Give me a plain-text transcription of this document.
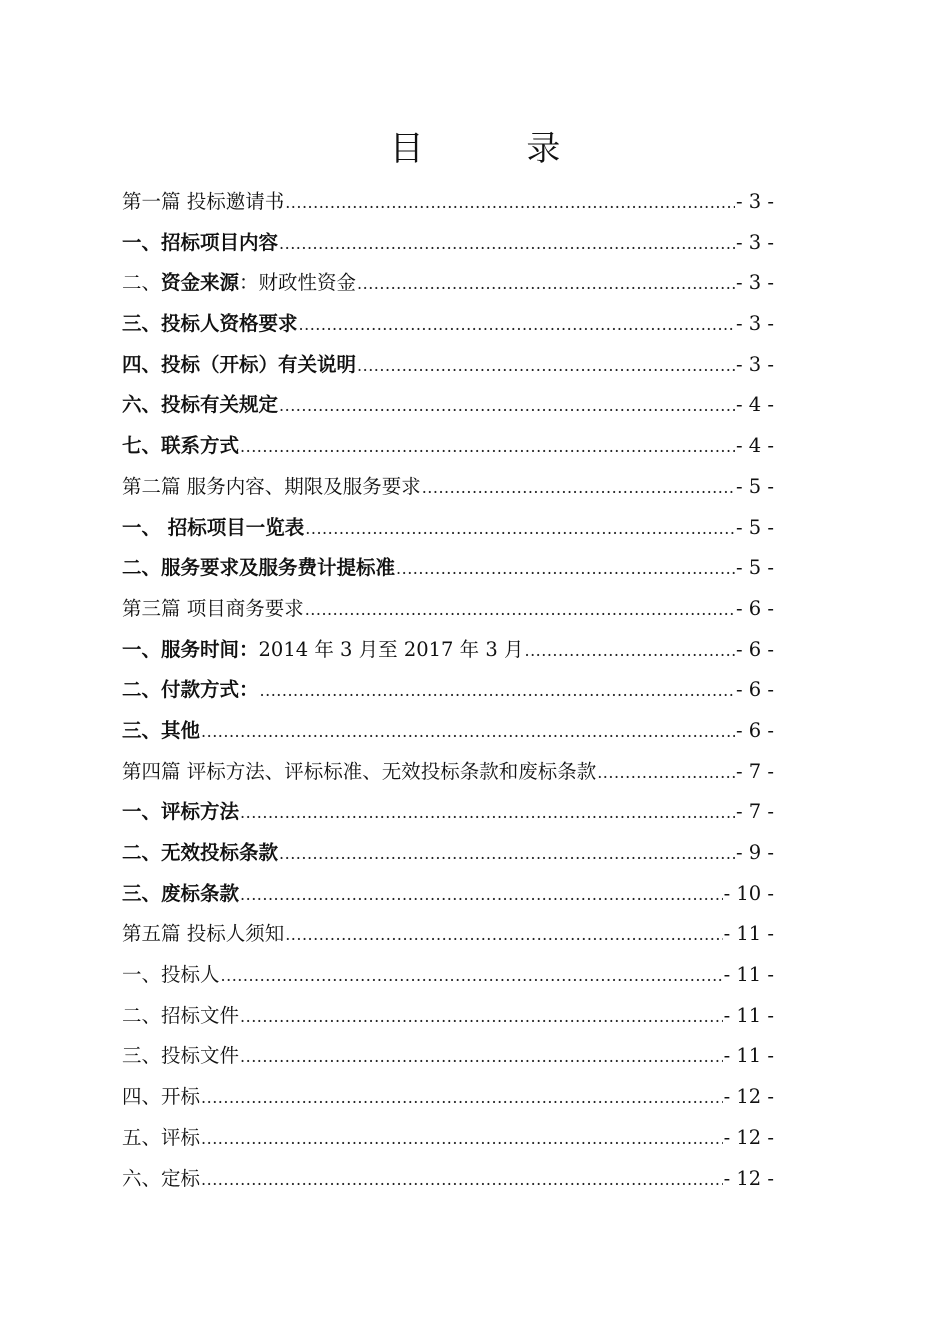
目 录
第一篇 投标邀请书 .....	- 3 -
一、招标项目内容 .....	- 3 -
二、资金来源：财政性资金 .....	- 3 -
三、投标人资格要求 .....	- 3 -
四、投标（开标）有关说明 .....	- 3 -
六、投标有关规定 .....	- 4 -
七、联系方式 .....	- 4 -
第二篇 服务内容、期限及服务要求 .....	- 5 -
一、 招标项目一览表 .....	- 5 -
二、服务要求及服务费计提标准 .....	- 5 -
第三篇 项目商务要求 .....	- 6 -
一、服务时间：2014 年 3 月至 2017 年 3 月 .....	- 6 -
二、付款方式： .....	- 6 -
三、其他 .....	- 6 -
第四篇 评标方法、评标标准、无效投标条款和废标条款 .....	- 7 -
一、评标方法 .....	- 7 -
二、无效投标条款 .....	- 9 -
三、废标条款 .....	- 10 -
第五篇 投标人须知 .....	- 11 -
一、投标人 .....	- 11 -
二、招标文件 .....	- 11 -
三、投标文件 .....	- 11 -
四、开标 .....	- 12 -
五、评标 .....	- 12 -
六、定标 .....	- 12 -
